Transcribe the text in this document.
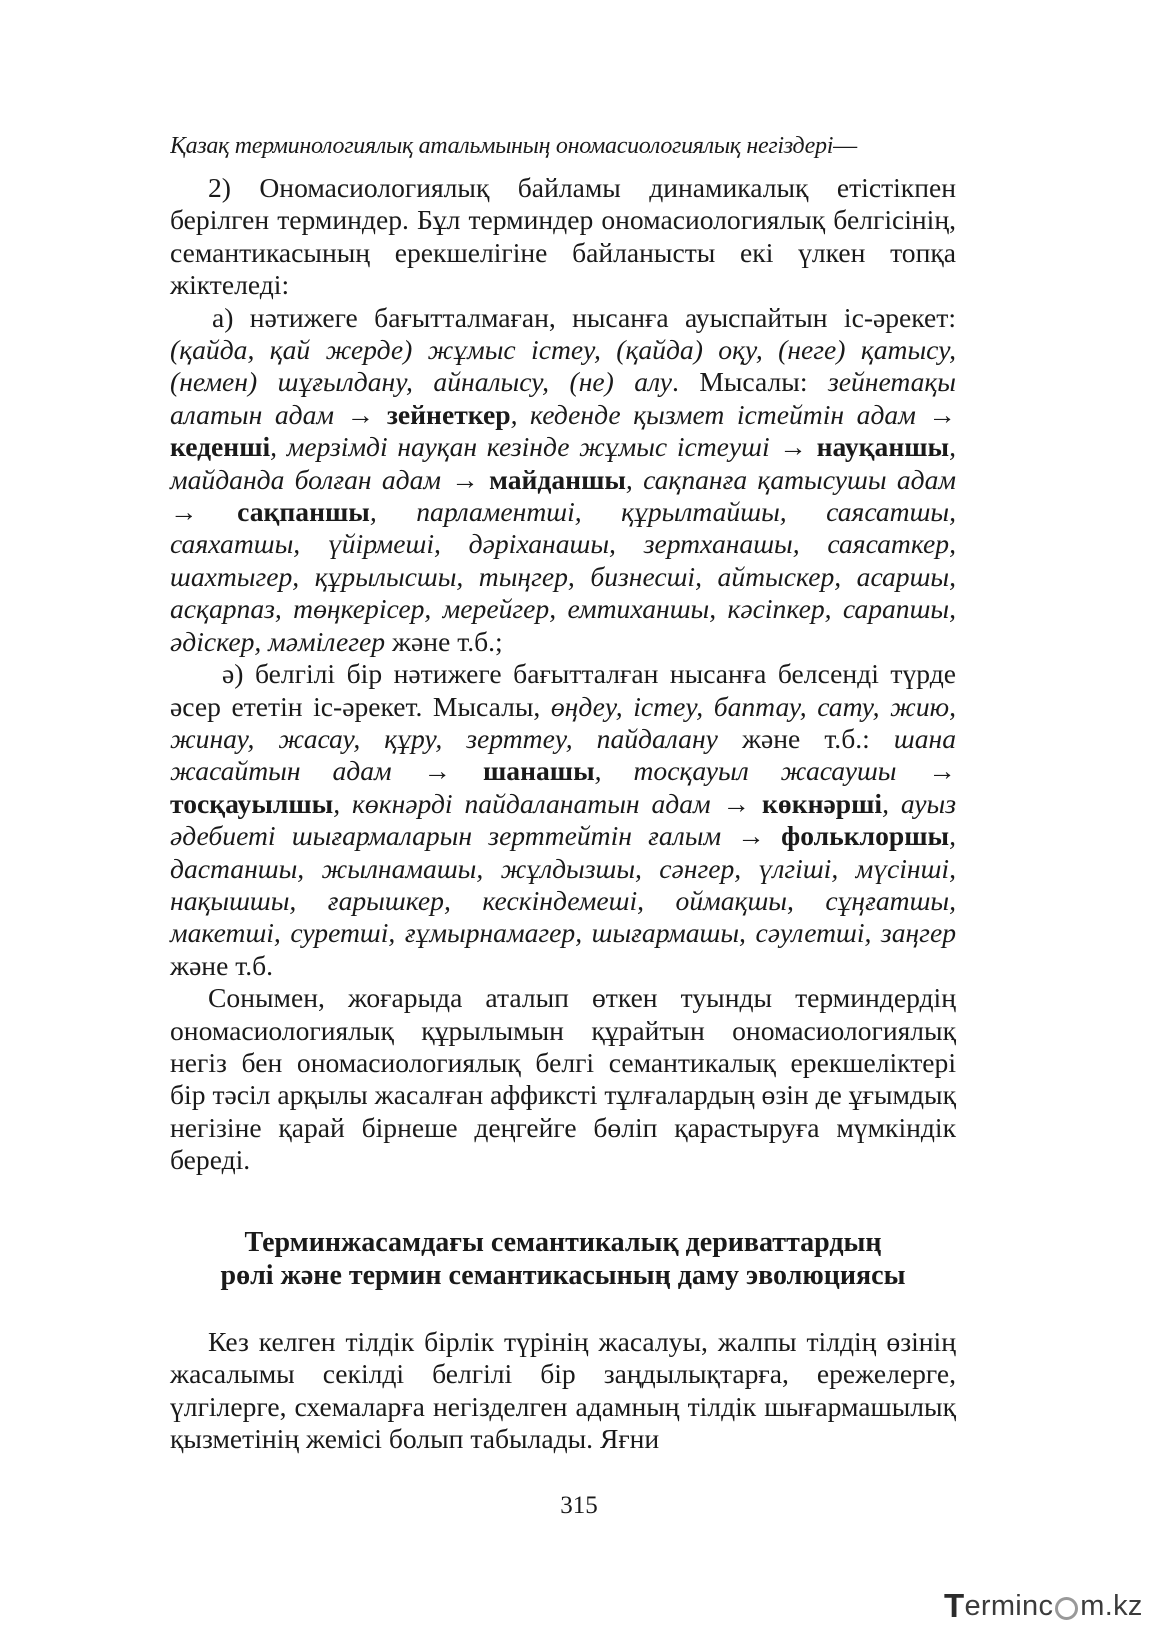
Қазақ терминологиялық атальмының ономасиологиялық негіздері—

2) Ономасиологиялық байламы динамикалық етістікпен берілген терминдер. Бұл терминдер ономасиологиялық белгісінің, семантикасының ерекшелігіне байланысты екі үлкен топқа жіктеледі:

а) нәтижеге бағытталмаған, нысанға ауыспайтын іс-әрекет: (қайда, қай жерде) жұмыс істеу, (қайда) оқу, (неге) қатысу, (немен) шұғылдану, айналысу, (не) алу. Мысалы: зейнетақы алатын адам → зейнеткер, кеденде қызмет істейтін адам → кеденші, мерзімді науқан кезінде жұмыс істеуші → науқаншы, майданда болған адам → майданшы, сақпанға қатысушы адам → сақпаншы, парламентші, құрылтайшы, саясатшы, саяхатшы, үйірмеші, дәріханашы, зертханашы, саясаткер, шахтыгер, құрылысшы, тыңгер, бизнесші, айтыскер, асаршы, асқарпаз, төңкерісер, мерейгер, емтиханшы, кәсіпкер, сарапшы, әдіскер, мәмілегер және т.б.;

ә) белгілі бір нәтижеге бағытталған нысанға белсенді түрде әсер ететін іс-әрекет. Мысалы, өңдеу, істеу, баптау, сату, жию, жинау, жасау, құру, зерттеу, пайдалану және т.б.: шана жасайтын адам → шанашы, тосқауыл жасаушы → тосқауылшы, көкнәрді пайдаланатын адам → көкнәрші, ауыз әдебиеті шығармаларын зерттейтін ғалым → фольклоршы, дастаншы, жылнамашы, жұлдызшы, сәнгер, үлгіші, мүсінші, нақышшы, ғарышкер, кескіндемеші, оймақшы, сұңғатшы, макетші, суретші, ғұмырнамагер, шығармашы, сәулетші, заңгер және т.б.

Сонымен, жоғарыда аталып өткен туынды терминдердің ономасиологиялық құрылымын құрайтын ономасиологиялық негіз бен ономасиологиялық белгі семантикалық ерекшеліктері бір тәсіл арқылы жасалған аффиксті тұлғалардың өзін де ұғымдық негізіне қарай бірнеше деңгейге бөліп қарастыруға мүмкіндік береді.

Терминжасамдағы семантикалық дериваттардың
рөлі және термин семантикасының даму эволюциясы

Кез келген тілдік бірлік түрінің жасалуы, жалпы тілдің өзінің жасалымы секілді белгілі бір заңдылықтарға, ережелерге, үлгілерге, схемаларға негізделген адамның тілдік шығармашылық қызметінің жемісі болып табылады. Яғни

315
T erminc m.kz
